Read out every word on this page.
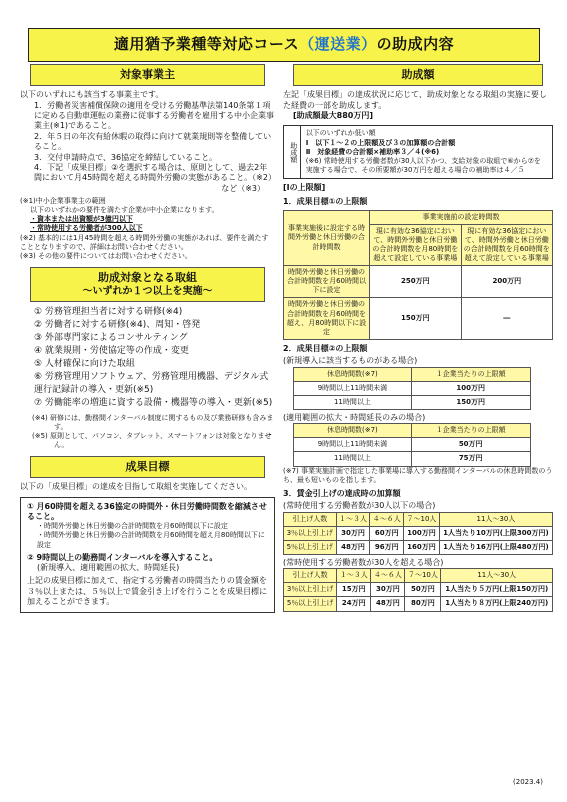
適用猶予業種等対応コース （運送業） の助成内容
対象事業主

以下のいずれにも該当する事業主です。

1．労働者災害補償保険の適用を受ける労働基準法第140条第１項に定める自動車運転の業務に従事する労働者を雇用する中小企業事業主(※1)であること。
2．年５日の年次有給休暇の取得に向けて就業規則等を整備していること。
3．交付申請時点で、36協定を締結していること。
4．下記「成果目標」②を選択する場合は、原則として、過去2年間において月45時間を超える時間外労働の実態があること。（※2）

など（※3）

(※1)中小企業事業主の範囲
以下のいずれかの要件を満たす企業が中小企業になります。
・資本または出資額が3億円以下
・常時使用する労働者が300人以下
(※2) 基本的には1月45時間を超える時間外労働の実態があれば、要件を満たすこととなりますので、詳細はお問い合わせください。
(※3) その他の要件についてはお問い合わせください。
助成対象となる取組
～いずれか１つ以上を実施～
① 労務管理担当者に対する研修(※4)
② 労働者に対する研修(※4)、周知・啓発
③ 外部専門家によるコンサルティング
④ 就業規則・労使協定等の作成・変更
⑤ 人材確保に向けた取組
⑥ 労務管理用ソフトウェア、労務管理用機器、デジタル式運行記録計の導入・更新(※5)
⑦ 労働能率の増進に資する設備・機器等の導入・更新(※5)
(※4) 研修には、勤務間インターバル制度に関するもの及び業務研修も含みます。
(※5) 原則として、パソコン、タブレット、スマートフォンは対象となりません。
成果目標

以下の「成果目標」の達成を目指して取組を実施してください。

① 月60時間を超える36協定の時間外・休日労働時間数を縮減させること。
・時間外労働と休日労働の合計時間数を月60時間以下に設定
・時間外労働と休日労働の合計時間数を月60時間を超え月80時間以下に設定
② 9時間以上の勤務間インターバルを導入すること。
(新規導入、適用範囲の拡大、時間延長)
上記の成果目標に加えて、指定する労働者の時間当たりの賃金額を３％以上または、５％以上で賃金引き上げを行うことを成果目標に加えることができます。
助成額

左記「成果目標」の達成状況に応じて、助成対象となる取組の実施に要した経費の一部を助成します。

[助成額最大880万円]

助成額
以下のいずれか低い額
Ⅰ　以下１～２の上限額及び３の加算額の合計額
Ⅱ　対象経費の合計額×補助率３／４(※6)
(※6) 常時使用する労働者数が30人以下かつ、支給対象の取組で⑥から⑦を実施する場合で、その所要額が30万円を超える場合の補助率は４／５
[Ⅰの上限額]
1．成果目標①の上限額
事業実施後に設定する時間外労働と休日労働の合計時間数	事業実施前の設定時間数	
	現に有効な36協定において、時間外労働と休日労働の合計時間数を月80時間を超えて設定している事業場	現に有効な36協定において、時間外労働と休日労働の合計時間数を月60時間を超えて設定している事業場
時間外労働と休日労働の合計時間数を月60時間以下に設定	250万円	200万円
時間外労働と休日労働の合計時間数を月60時間を超え、月80時間以下に設定	150万円	―
2．成果目標②の上限額
(新規導入に該当するものがある場合)
休息時間数(※7)	１企業当たりの上限額
9時間以上11時間未満	100万円
11時間以上	150万円
(適用範囲の拡大・時間延長のみの場合)
休息時間数(※7)	１企業当たりの上限額
9時間以上11時間未満	50万円
11時間以上	75万円
(※7) 事業実施計画で指定した事業場に導入する勤務間インターバルの休息時間数のうち、最も短いものを指します。
3．賃金引上げの達成時の加算額
(常時使用する労働者数が30人以下の場合)
引上げ人数	１～３人	４～６人	７～10人	11人～30人
3％以上引上げ	30万円	60万円	100万円	1人当たり10万円(上限300万円)
5％以上引上げ	48万円	96万円	160万円	1人当たり16万円(上限480万円)
(常時使用する労働者数が30人を超える場合)
引上げ人数	１～３人	４～６人	７～10人	11人～30人
3％以上引上げ	15万円	30万円	50万円	1人当たり５万円(上限150万円)
5％以上引上げ	24万円	48万円	80万円	1人当たり８万円(上限240万円)
(2023.4)
